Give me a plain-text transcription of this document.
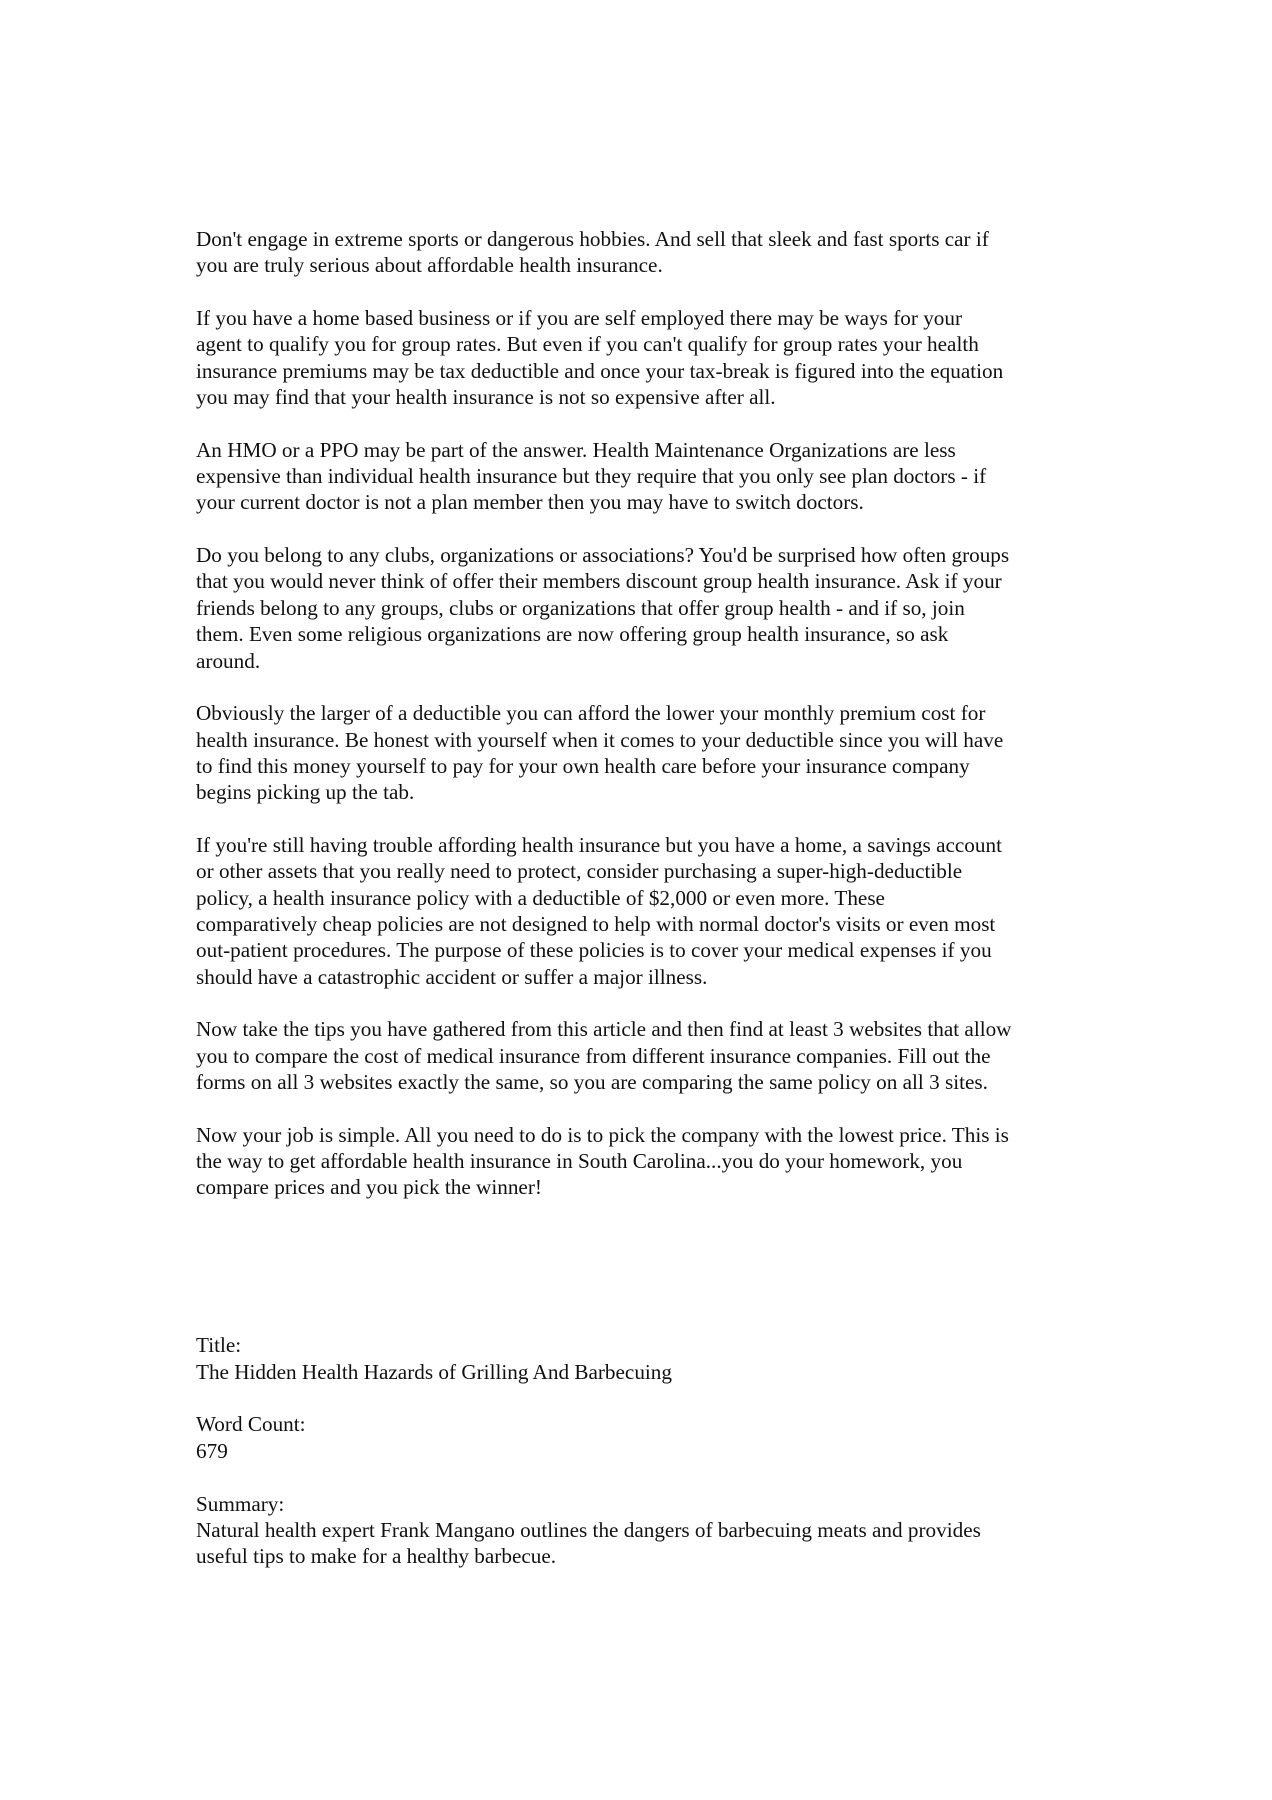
Don't engage in extreme sports or dangerous hobbies. And sell that sleek and fast sports car if
you are truly serious about affordable health insurance.

If you have a home based business or if you are self employed there may be ways for your
agent to qualify you for group rates. But even if you can't qualify for group rates your health
insurance premiums may be tax deductible and once your tax-break is figured into the equation
you may find that your health insurance is not so expensive after all.

An HMO or a PPO may be part of the answer. Health Maintenance Organizations are less
expensive than individual health insurance but they require that you only see plan doctors - if
your current doctor is not a plan member then you may have to switch doctors.

Do you belong to any clubs, organizations or associations? You'd be surprised how often groups
that you would never think of offer their members discount group health insurance. Ask if your
friends belong to any groups, clubs or organizations that offer group health - and if so, join
them. Even some religious organizations are now offering group health insurance, so ask
around.

Obviously the larger of a deductible you can afford the lower your monthly premium cost for
health insurance. Be honest with yourself when it comes to your deductible since you will have
to find this money yourself to pay for your own health care before your insurance company
begins picking up the tab.

If you're still having trouble affording health insurance but you have a home, a savings account
or other assets that you really need to protect, consider purchasing a super-high-deductible
policy, a health insurance policy with a deductible of $2,000 or even more. These
comparatively cheap policies are not designed to help with normal doctor's visits or even most
out-patient procedures. The purpose of these policies is to cover your medical expenses if you
should have a catastrophic accident or suffer a major illness.

Now take the tips you have gathered from this article and then find at least 3 websites that allow
you to compare the cost of medical insurance from different insurance companies. Fill out the
forms on all 3 websites exactly the same, so you are comparing the same policy on all 3 sites.

Now your job is simple. All you need to do is to pick the company with the lowest price. This is
the way to get affordable health insurance in South Carolina...you do your homework, you
compare prices and you pick the winner!

Title:
The Hidden Health Hazards of Grilling And Barbecuing
Word Count:
679
Summary:
Natural health expert Frank Mangano outlines the dangers of barbecuing meats and provides
useful tips to make for a healthy barbecue.
